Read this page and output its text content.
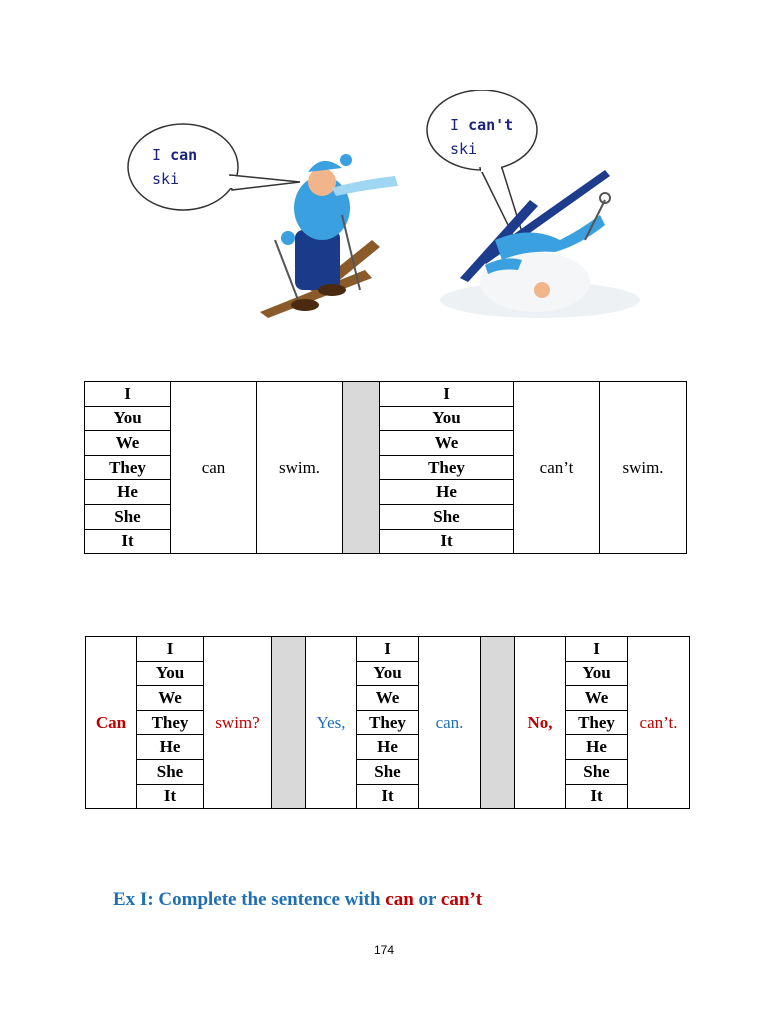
I can
ski
I can't
ski
I	can	swim.		I	can’t	swim.
You				You		
We				We		
They				They		
He				He		
She				She		
It				It		
Can	I	swim?		Yes,	I	can.		No,	I	can’t.
	You				You				You	
	We				We				We	
	They				They				They	
	He				He				He	
	She				She				She	
	It				It				It	
Ex I: Complete the sentence with can or can’t
174
